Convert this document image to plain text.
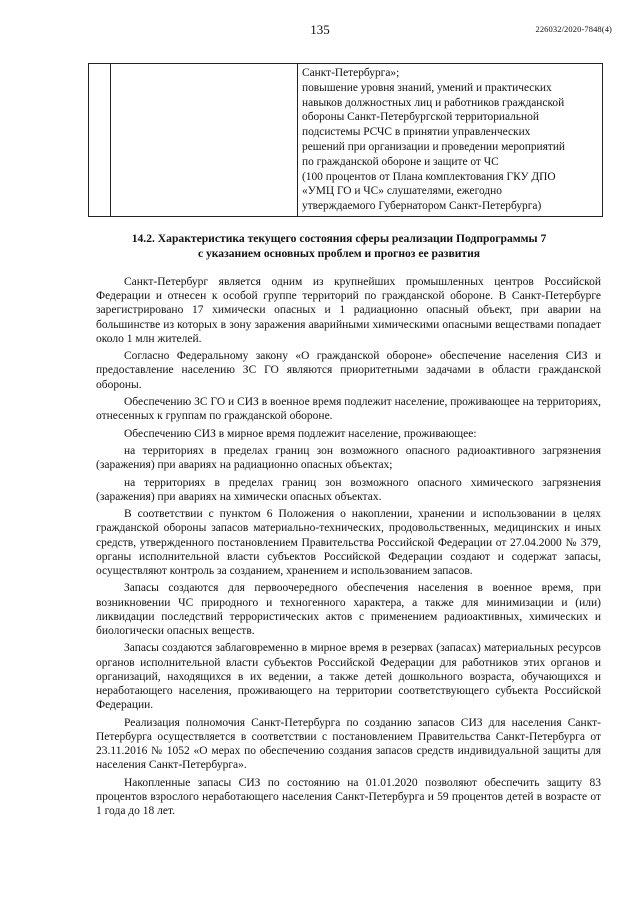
135	226032/2020-7848(4)

Санкт-Петербурга»;
повышение уровня знаний, умений и практических
навыков должностных лиц и работников гражданской
обороны Санкт-Петербургской территориальной
подсистемы РСЧС в принятии управленческих
решений при организации и проведении мероприятий
по гражданской обороне и защите от ЧС
(100 процентов от Плана комплектования ГКУ ДПО
«УМЦ ГО и ЧС» слушателями, ежегодно
утверждаемого Губернатором Санкт-Петербурга)
14.2. Характеристика текущего состояния сферы реализации Подпрограммы 7
с указанием основных проблем и прогноз ее развития

Санкт-Петербург является одним из крупнейших промышленных центров Российской Федерации и отнесен к особой группе территорий по гражданской обороне. В Санкт-Петербурге зарегистрировано 17 химически опасных и 1 радиационно опасный объект, при аварии на большинстве из которых в зону заражения аварийными химическими опасными веществами попадает около 1 млн жителей.

Согласно Федеральному закону «О гражданской обороне» обеспечение населения СИЗ и предоставление населению ЗС ГО являются приоритетными задачами в области гражданской обороны.

Обеспечению ЗС ГО и СИЗ в военное время подлежит население, проживающее на территориях, отнесенных к группам по гражданской обороне.

Обеспечению СИЗ в мирное время подлежит население, проживающее:

на территориях в пределах границ зон возможного опасного радиоактивного загрязнения (заражения) при авариях на радиационно опасных объектах;

на территориях в пределах границ зон возможного опасного химического загрязнения (заражения) при авариях на химически опасных объектах.

В соответствии с пунктом 6 Положения о накоплении, хранении и использовании в целях гражданской обороны запасов материально-технических, продовольственных, медицинских и иных средств, утвержденного постановлением Правительства Российской Федерации от 27.04.2000 № 379, органы исполнительной власти субъектов Российской Федерации создают и содержат запасы, осуществляют контроль за созданием, хранением и использованием запасов.

Запасы создаются для первоочередного обеспечения населения в военное время, при возникновении ЧС природного и техногенного характера, а также для минимизации и (или) ликвидации последствий террористических актов с применением радиоактивных, химических и биологически опасных веществ.

Запасы создаются заблаговременно в мирное время в резервах (запасах) материальных ресурсов органов исполнительной власти субъектов Российской Федерации для работников этих органов и организаций, находящихся в их ведении, а также детей дошкольного возраста, обучающихся и неработающего населения, проживающего на территории соответствующего субъекта Российской Федерации.

Реализация полномочия Санкт-Петербурга по созданию запасов СИЗ для населения Санкт-Петербурга осуществляется в соответствии с постановлением Правительства Санкт-Петербурга от 23.11.2016 № 1052 «О мерах по обеспечению создания запасов средств индивидуальной защиты для населения Санкт-Петербурга».

Накопленные запасы СИЗ по состоянию на 01.01.2020 позволяют обеспечить защиту 83 процентов взрослого неработающего населения Санкт-Петербурга и 59 процентов детей в возрасте от 1 года до 18 лет.
